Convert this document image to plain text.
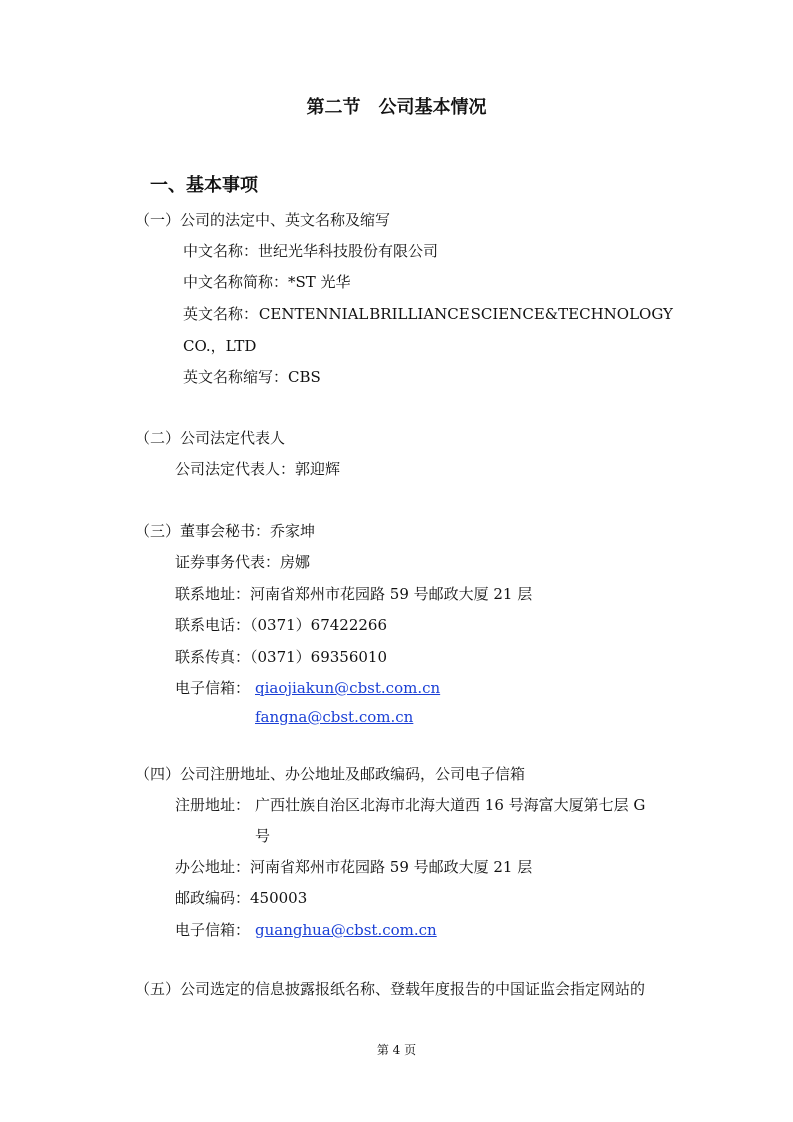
第二节　公司基本情况
一、基本事项
（一）公司的法定中、英文名称及缩写
中文名称：世纪光华科技股份有限公司
中文名称简称：*ST 光华
英文名称： CENTENNIAL BRILLIANCE SCIENCE&TECHNOLOGY
CO.，LTD
英文名称缩写：CBS
（二）公司法定代表人
公司法定代表人：郭迎辉
（三）董事会秘书：乔家坤
证券事务代表：房娜
联系地址：河南省郑州市花园路 59 号邮政大厦 21 层
联系电话：（0371）67422266
联系传真：（0371）69356010
电子信箱： qiaojiakun@cbst.com.cn
fangna@cbst.com.cn
（四）公司注册地址、办公地址及邮政编码，公司电子信箱
注册地址： 广西壮族自治区北海市北海大道西 16 号海富大厦第七层 G
号
办公地址：河南省郑州市花园路 59 号邮政大厦 21 层
邮政编码：450003
电子信箱： guanghua@cbst.com.cn
（五）公司选定的信息披露报纸名称、登载年度报告的中国证监会指定网站的
第 4 页
